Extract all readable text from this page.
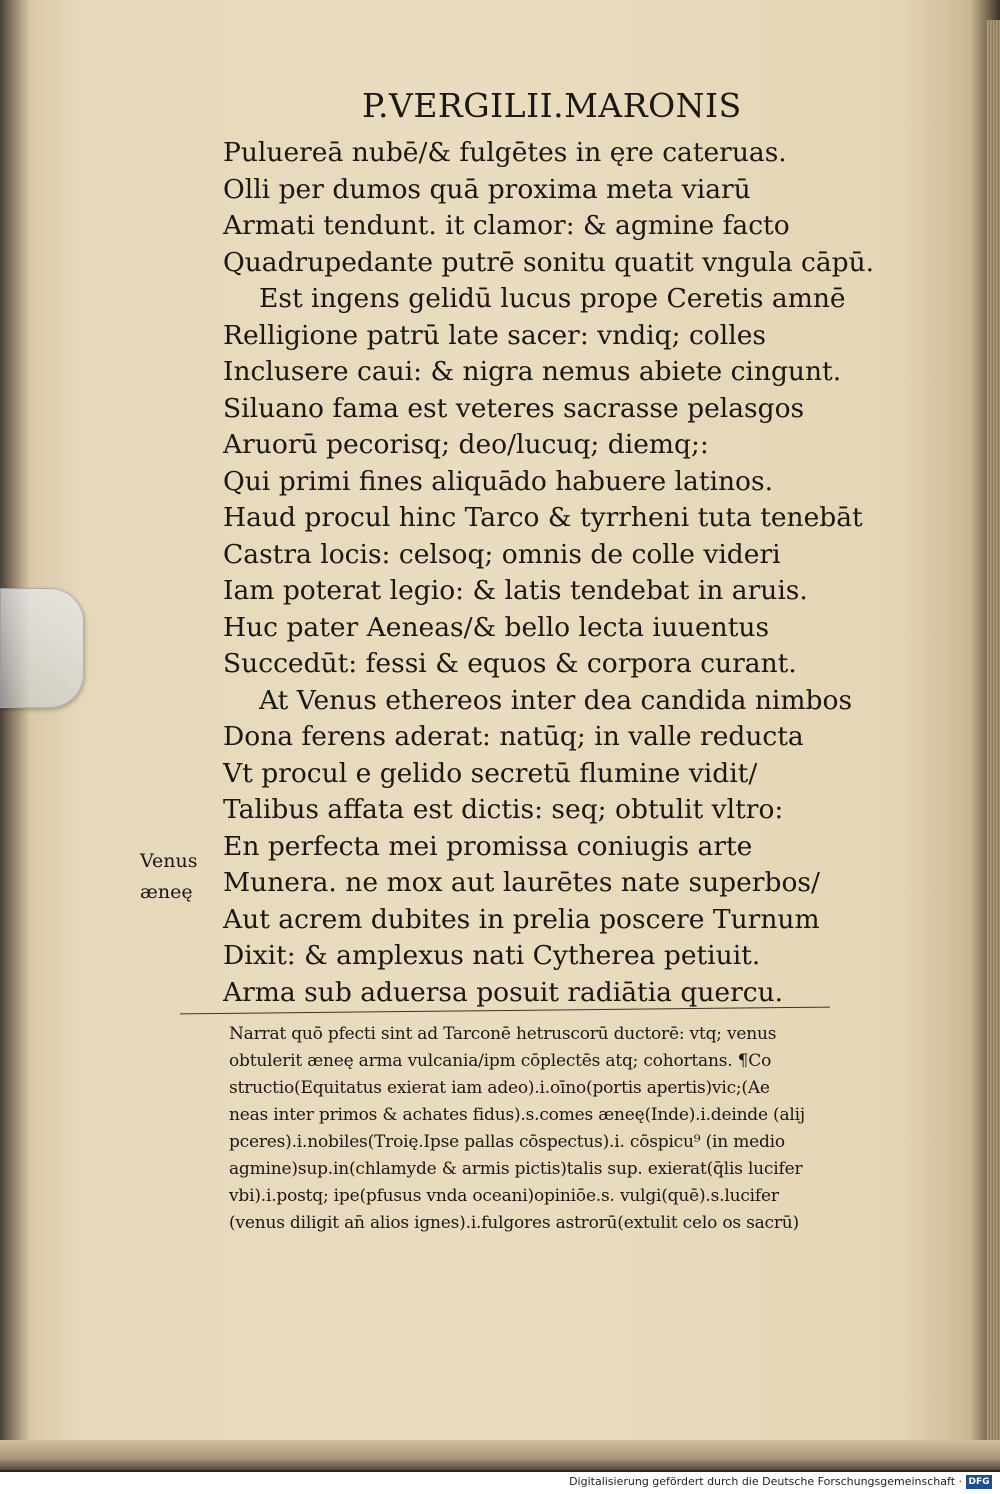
P.VERGILII.MARONIS
Puluereā nubē/& fulgētes in ęre cateruas.
Olli per dumos quā proxima meta viarū
Armati tendunt. it clamor: & agmine facto
Quadrupedante putrē sonitu quatit vngula cāpū.
Est ingens gelidū lucus prope Ceretis amnē
Relligione patrū late sacer: vndiq; colles
Inclusere caui: & nigra nemus abiete cingunt.
Siluano fama est veteres sacrasse pelasgos
Aruorū pecorisq; deo/lucuq; diemq;:
Qui primi fines aliquādo habuere latinos.
Haud procul hinc Tarco & tyrrheni tuta tenebāt
Castra locis: celsoq; omnis de colle videri
Iam poterat legio: & latis tendebat in aruis.
Huc pater Aeneas/& bello lecta iuuentus
Succedūt: fessi & equos & corpora curant.
At Venus ethereos inter dea candida nimbos
Dona ferens aderat: natūq; in valle reducta
Vt procul e gelido secretū flumine vidit/
Talibus affata est dictis: seq; obtulit vltro:
En perfecta mei promissa coniugis arte
Munera. ne mox aut laurētes nate superbos/
Aut acrem dubites in prelia poscere Turnum
Dixit: & amplexus nati Cytherea petiuit.
Arma sub aduersa posuit radiātia quercu.
Venus
æneę
Narrat quō pfecti sint ad Tarconē hetruscorū ductorē: vtq; venus
obtulerit æneę arma vulcania/ipm cōplectēs atq; cohortans. ¶Co
structio(Equitatus exierat iam adeo).i.oīno(portis apertis)vic;(Ae
neas inter primos & achates fidus).s.comes æneę(Inde).i.deinde (alij
pceres).i.nobiles(Troię.Ipse pallas cōspectus).i. cōspicu⁹ (in medio
agmine)sup.in(chlamyde & armis pictis)talis sup. exierat(q̄lis lucifer
vbi).i.postq; ipe(pfusus vnda oceani)opiniōe.s. vulgi(quē).s.lucifer
(venus diligit an̄ alios ignes).i.fulgores astrorū(extulit celo os sacrū)
Digitalisierung gefördert durch die Deutsche Forschungsgemeinschaft · DFG
